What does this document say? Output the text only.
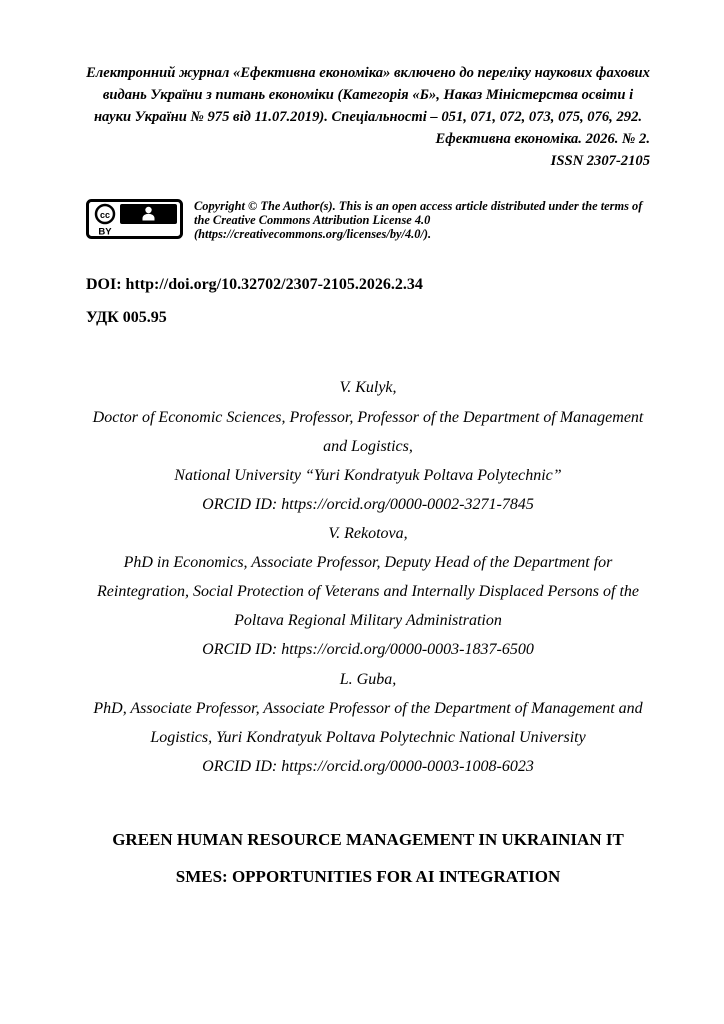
Електронний журнал «Ефективна економіка» включено до переліку наукових фахових видань України з питань економіки (Категорія «Б», Наказ Міністерства освіти і науки України № 975 від 11.07.2019). Спеціальності – 051, 071, 072, 073, 075, 076, 292.

Ефективна економіка. 2026. № 2.

ISSN 2307-2105

cc
BY

Copyright © The Author(s). This is an open access article distributed under the terms of the Creative Commons Attribution License 4.0 (https://creativecommons.org/licenses/by/4.0/).

DOI: http://doi.org/10.32702/2307-2105.2026.2.34

УДК 005.95

V. Kulyk,

Doctor of Economic Sciences, Professor, Professor of the Department of Management and Logistics,

National University “Yuri Kondratyuk Poltava Polytechnic”

ORCID ID: https://orcid.org/0000-0002-3271-7845

V. Rekotova,

PhD in Economics, Associate Professor, Deputy Head of the Department for Reintegration, Social Protection of Veterans and Internally Displaced Persons of the Poltava Regional Military Administration

ORCID ID: https://orcid.org/0000-0003-1837-6500

L. Guba,

PhD, Associate Professor, Associate Professor of the Department of Management and Logistics, Yuri Kondratyuk Poltava Polytechnic National University

ORCID ID: https://orcid.org/0000-0003-1008-6023

GREEN HUMAN RESOURCE MANAGEMENT IN UKRAINIAN IT SMES: OPPORTUNITIES FOR AI INTEGRATION
